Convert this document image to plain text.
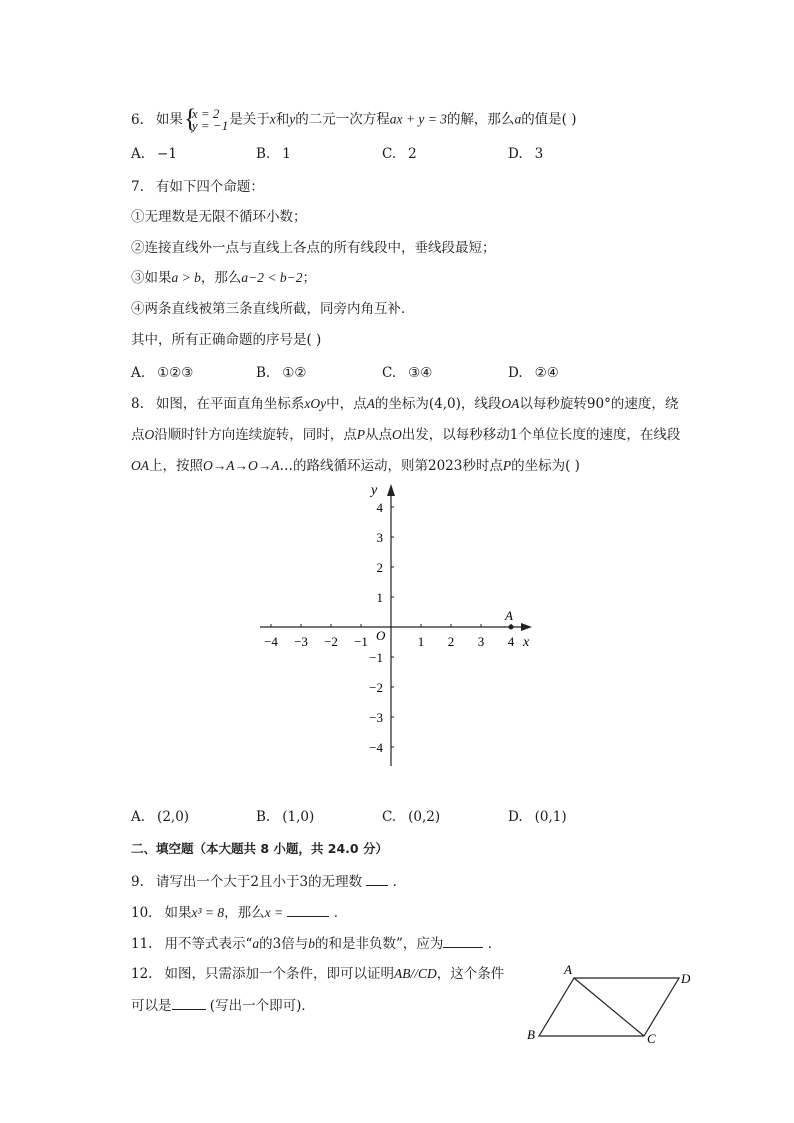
6. 如果 {
x = 2
y = −1是关于x和y的二元一次方程ax + y = 3的解，那么a的值是( )
A. −1	B. 1	C. 2	D. 3
7. 有如下四个命题：
①无理数是无限不循环小数；
②连接直线外一点与直线上各点的所有线段中，垂线段最短；
③如果a > b，那么a−2 < b−2；
④两条直线被第三条直线所截，同旁内角互补．
其中，所有正确命题的序号是( )
A. ①②③	B. ①②	C. ③④	D. ②④
8. 如图，在平面直角坐标系xOy中，点A的坐标为(4,0)，线段OA以每秒旋转90°的速度，绕
点O沿顺时针方向连续旋转，同时，点P从点O出发，以每秒移动1个单位长度的速度，在线段
OA上，按照O→A→O→A…的路线循环运动，则第2023秒时点P的坐标为( )
−4 −3 −2 −1	1 2 3 4
4
3
2
1
−1
−2
−3
−4
O	x
y
A
A. (2,0)	B. (1,0)	C. (0,2)	D. (0,1)
二、填空题（本大题共 8 小题，共 24.0 分）
9. 请写出一个大于2且小于3的无理数 ．
10. 如果x³ = 8，那么x =	．
11. 用不等式表示“a的3倍与b的和是非负数”，应为	．
12. 如图，只需添加一个条件，即可以证明AB//CD，这个条件
可以是	(写出一个即可)．
A
D
B	C
